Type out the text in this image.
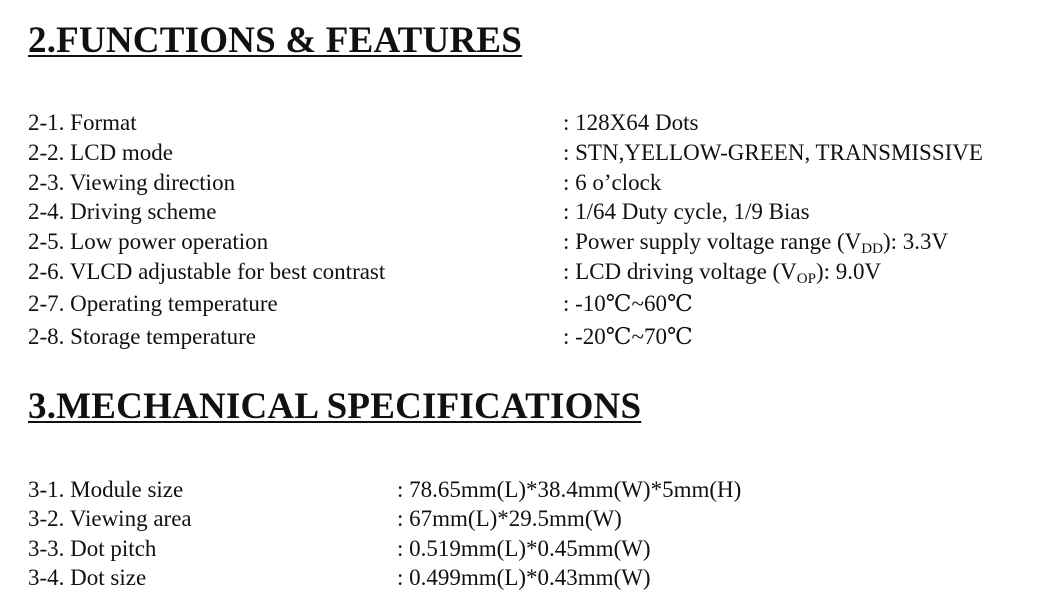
2.FUNCTIONS & FEATURES
2-1. Format	: 128X64 Dots
2-2. LCD mode	: STN,YELLOW-GREEN, TRANSMISSIVE
2-3. Viewing direction	: 6 o’clock
2-4. Driving scheme	: 1/64 Duty cycle, 1/9 Bias
2-5. Low power operation	: Power supply voltage range $(V_{DD})$: 3.3V
2-6. VLCD adjustable for best contrast	: LCD driving voltage $(V_{OP})$: 9.0V
2-7. Operating temperature	: -10℃~60℃
2-8. Storage temperature	: -20℃~70℃
3.MECHANICAL SPECIFICATIONS
3-1. Module size	: 78.65mm(L)*38.4mm(W)*5mm(H)
3-2. Viewing area	: 67mm(L)*29.5mm(W)
3-3. Dot pitch	: 0.519mm(L)*0.45mm(W)
3-4. Dot size	: 0.499mm(L)*0.43mm(W)
